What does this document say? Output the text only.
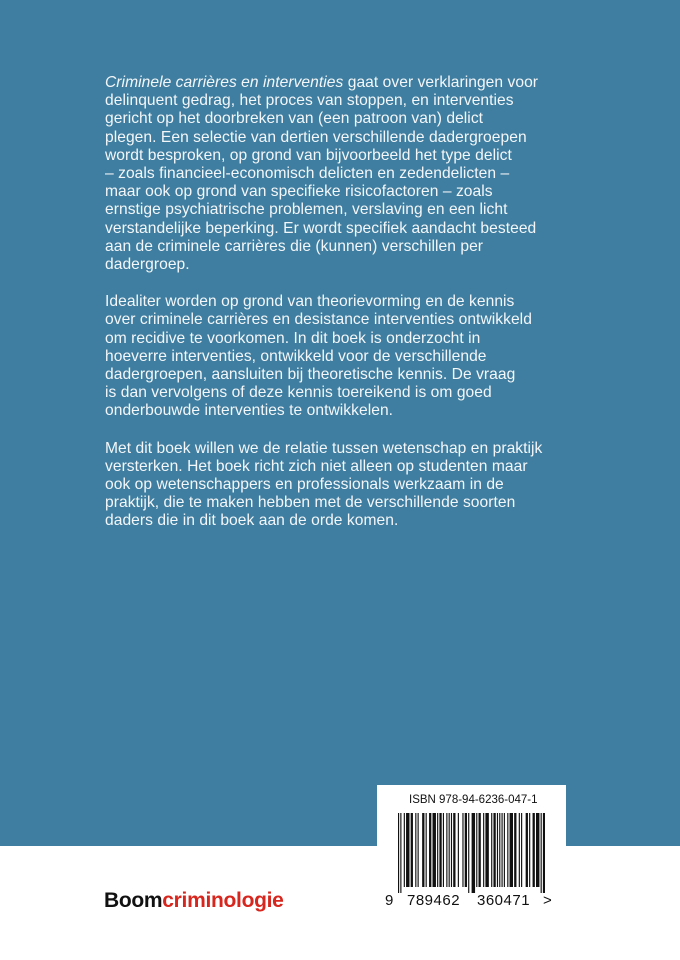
Criminele carrières en interventies gaat over verklaringen voor
delinquent gedrag, het proces van stoppen, en interventies
gericht op het doorbreken van (een patroon van) delict
plegen. Een selectie van dertien verschillende dadergroepen
wordt besproken, op grond van bijvoorbeeld het type delict
– zoals financieel-economisch delicten en zedendelicten –
maar ook op grond van specifieke risicofactoren – zoals
ernstige psychiatrische problemen, verslaving en een licht
verstandelijke beperking. Er wordt specifiek aandacht besteed
aan de criminele carrières die (kunnen) verschillen per
dadergroep.

Idealiter worden op grond van theorievorming en de kennis
over criminele carrières en desistance interventies ontwikkeld
om recidive te voorkomen. In dit boek is onderzocht in
hoeverre interventies, ontwikkeld voor de verschillende
dadergroepen, aansluiten bij theoretische kennis. De vraag
is dan vervolgens of deze kennis toereikend is om goed
onderbouwde interventies te ontwikkelen.

Met dit boek willen we de relatie tussen wetenschap en praktijk
versterken. Het boek richt zich niet alleen op studenten maar
ook op wetenschappers en professionals werkzaam in de
praktijk, die te maken hebben met de verschillende soorten
daders die in dit boek aan de orde komen.

ISBN 978-94-6236-047-1
9 789462 360471 >
Boomcriminologie
